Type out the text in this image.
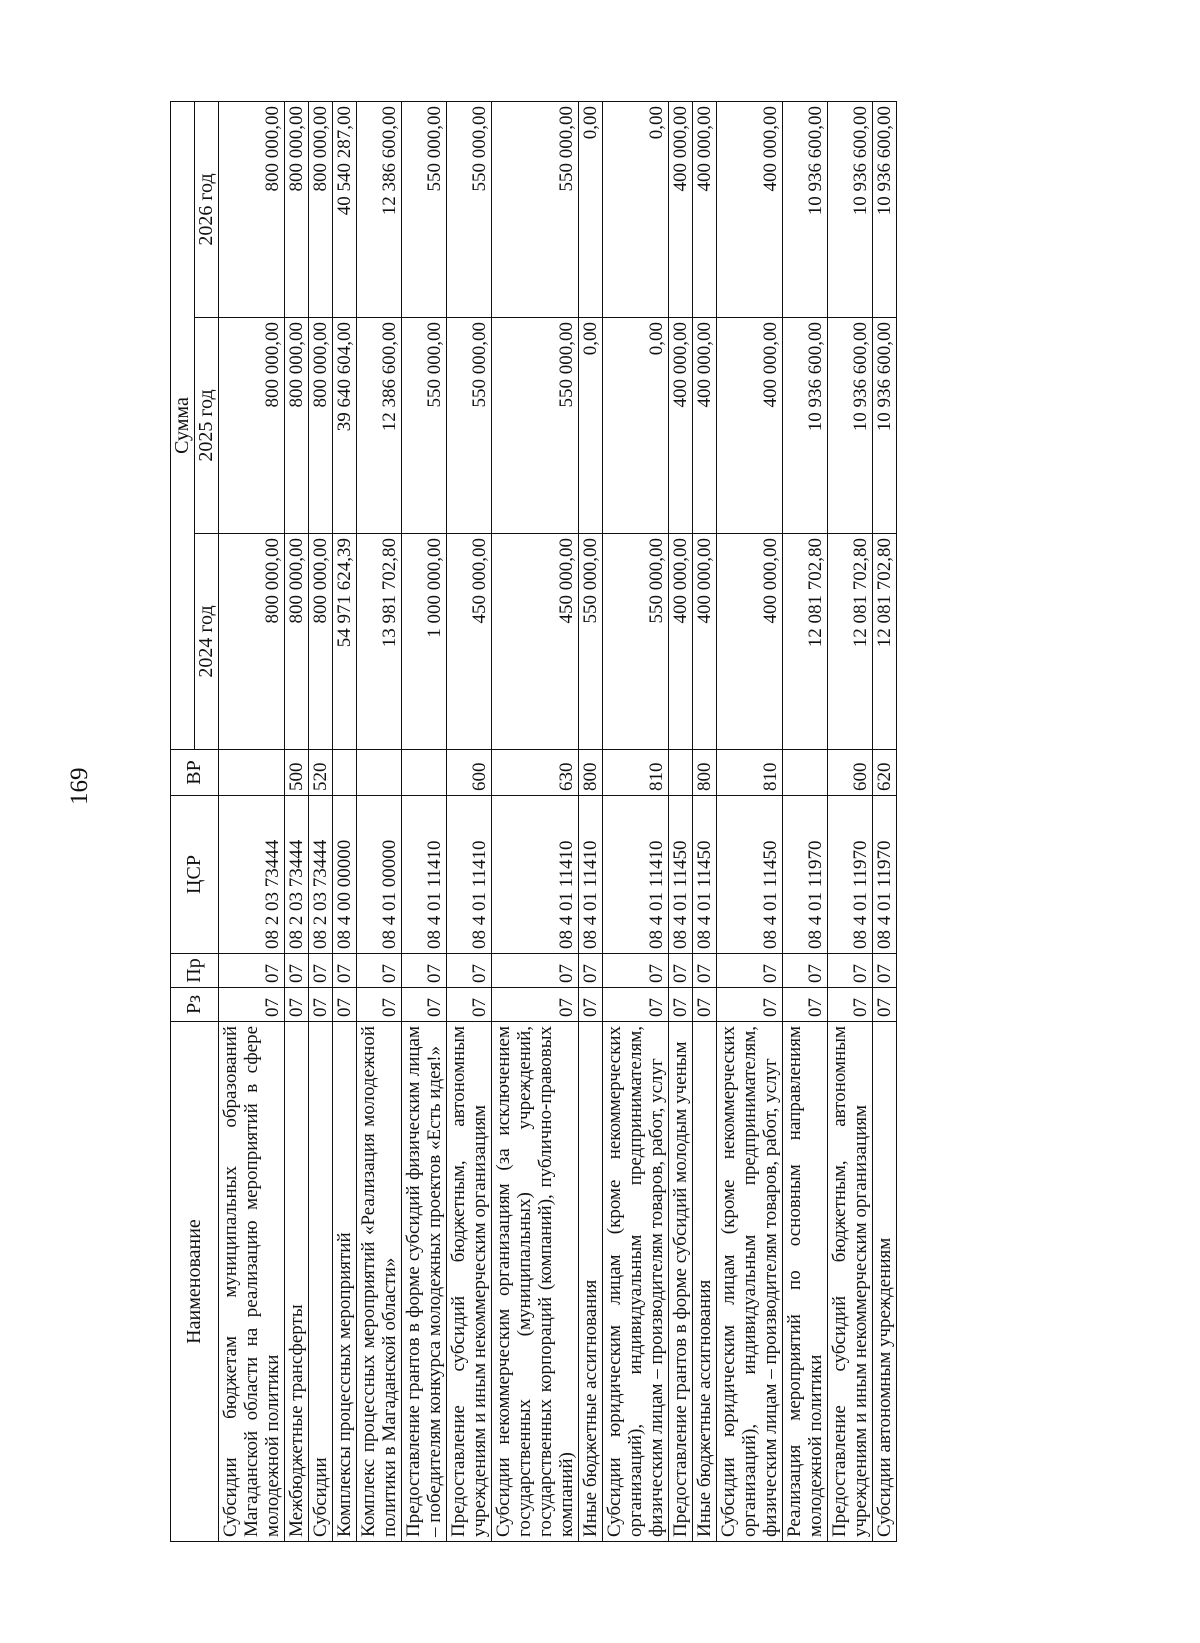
169
Наименование	Рз	Пр	ЦСР	ВР	Сумма		
					2024 год	2025 год	2026 год
Субсидии бюджетам муниципальных образований Магаданской области на реализацию мероприятий в сфере молодежной политики	07	07	08 2 03 73444		800 000,00	800 000,00	800 000,00
Межбюджетные трансферты	07	07	08 2 03 73444	500	800 000,00	800 000,00	800 000,00
Субсидии	07	07	08 2 03 73444	520	800 000,00	800 000,00	800 000,00
Комплексы процессных мероприятий	07	07	08 4 00 00000		54 971 624,39	39 640 604,00	40 540 287,00
Комплекс процессных мероприятий «Реализация молодежной политики в Магаданской области»	07	07	08 4 01 00000		13 981 702,80	12 386 600,00	12 386 600,00
Предоставление грантов в форме субсидий физическим лицам – победителям конкурса молодежных проектов «Есть идея!»	07	07	08 4 01 11410		1 000 000,00	550 000,00	550 000,00
Предоставление субсидий бюджетным, автономным учреждениям и иным некоммерческим организациям	07	07	08 4 01 11410	600	450 000,00	550 000,00	550 000,00
Субсидии некоммерческим организациям (за исключением государственных (муниципальных) учреждений, государственных корпораций (компаний), публично-правовых компаний)	07	07	08 4 01 11410	630	450 000,00	550 000,00	550 000,00
Иные бюджетные ассигнования	07	07	08 4 01 11410	800	550 000,00	0,00	0,00
Субсидии юридическим лицам (кроме некоммерческих организаций), индивидуальным предпринимателям, физическим лицам – производителям товаров, работ, услуг	07	07	08 4 01 11410	810	550 000,00	0,00	0,00
Предоставление грантов в форме субсидий молодым ученым	07	07	08 4 01 11450		400 000,00	400 000,00	400 000,00
Иные бюджетные ассигнования	07	07	08 4 01 11450	800	400 000,00	400 000,00	400 000,00
Субсидии юридическим лицам (кроме некоммерческих организаций), индивидуальным предпринимателям, физическим лицам – производителям товаров, работ, услуг	07	07	08 4 01 11450	810	400 000,00	400 000,00	400 000,00
Реализация мероприятий по основным направлениям молодежной политики	07	07	08 4 01 11970		12 081 702,80	10 936 600,00	10 936 600,00
Предоставление субсидий бюджетным, автономным учреждениям и иным некоммерческим организациям	07	07	08 4 01 11970	600	12 081 702,80	10 936 600,00	10 936 600,00
Субсидии автономным учреждениям	07	07	08 4 01 11970	620	12 081 702,80	10 936 600,00	10 936 600,00
